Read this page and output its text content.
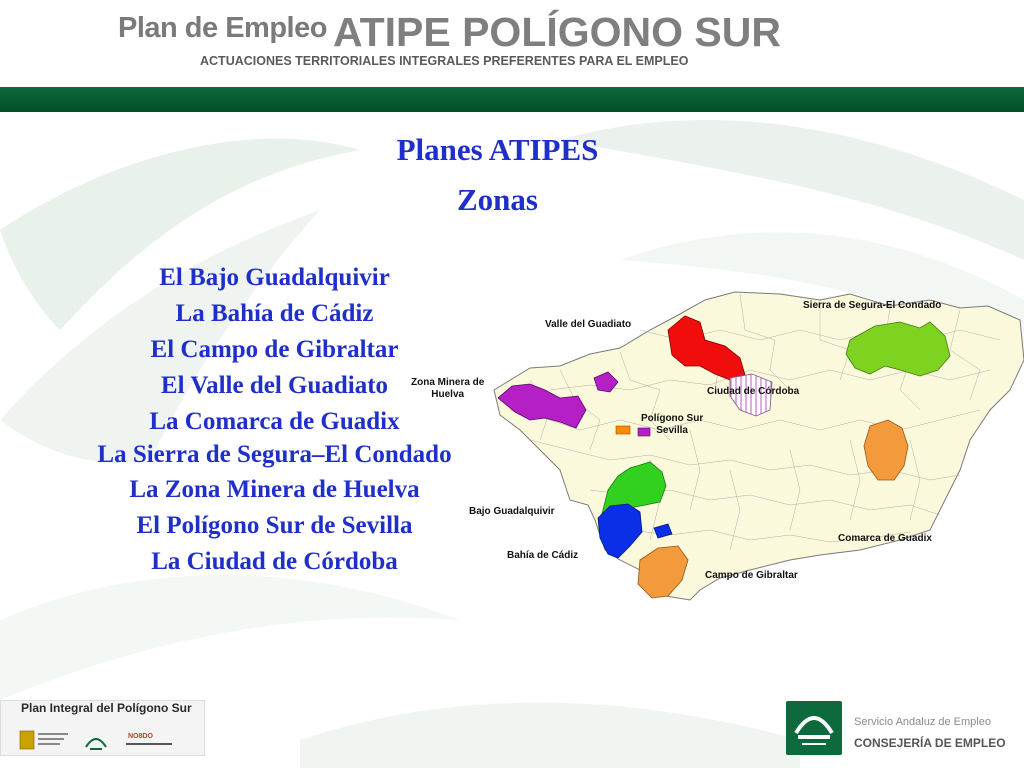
Plan de Empleo ATIPE POLÍGONO SUR
ACTUACIONES TERRITORIALES INTEGRALES PREFERENTES PARA EL EMPLEO
Planes ATIPES
Zonas
El Bajo Guadalquivir
La Bahía de Cádiz
El Campo de Gibraltar
El Valle del Guadiato
La Comarca de Guadix
La Sierra de Segura–El Condado
La Zona Minera de Huelva
El Polígono Sur de Sevilla
La Ciudad de Córdoba
Sierra de Segura-El Condado
Valle del Guadiato
Zona Minera de
Huelva	Ciudad de Córdoba
Polígono Sur
Sevilla
Bajo Guadalquivir
Comarca de Guadix
Bahía de Cádiz
Campo de Gibraltar
Plan Integral del Polígono Sur
NO8DO
Servicio Andaluz de Empleo
CONSEJERÍA DE EMPLEO
